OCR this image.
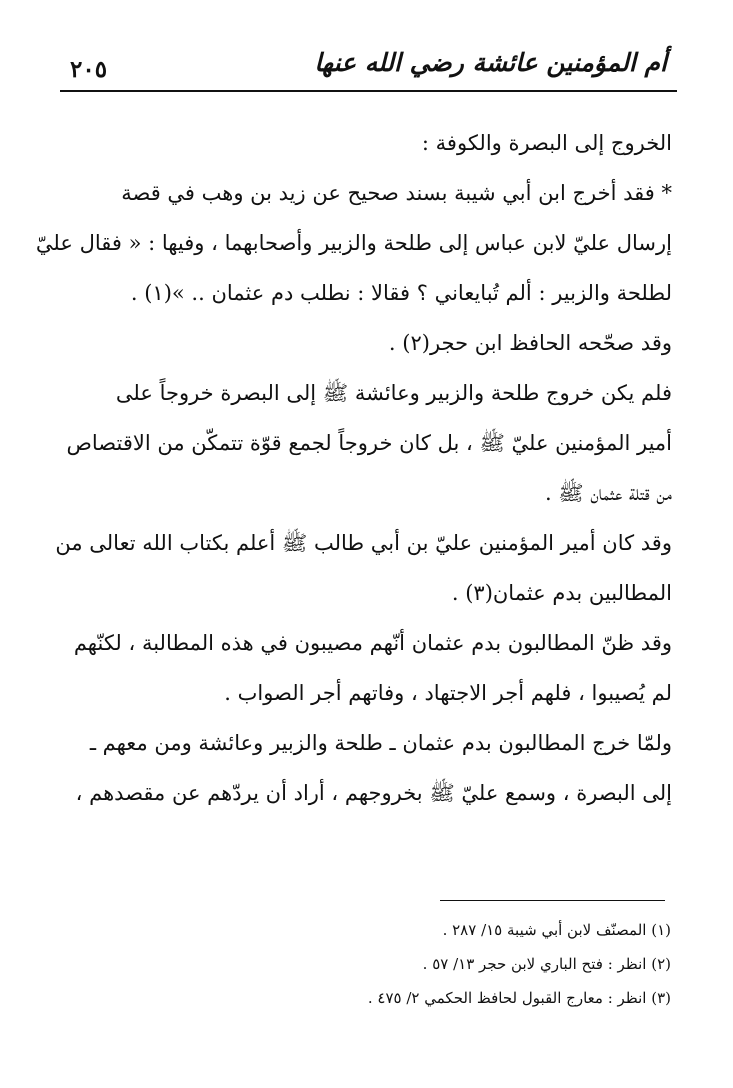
٢٠٥	أم المؤمنين عائشة رضي الله عنها

الخروج إلى البصرة والكوفة :

* فقد أخرج ابن أبي شيبة بسند صحيح عن زيد بن وهب في قصة
إرسال عليّ لابن عباس إلى طلحة والزبير وأصحابهما ، وفيها : « فقال عليّ
لطلحة والزبير : ألم تُبايعاني ؟ فقالا : نطلب دم عثمان .. »(١) .

وقد صحّحه الحافظ ابن حجر(٢) .

فلم يكن خروج طلحة والزبير وعائشة ﷺ إلى البصرة خروجاً على
أمير المؤمنين عليّ ﷺ ، بل كان خروجاً لجمع قوّة تتمكّن من الاقتصاص
من قتلة عثمان ﷺ .

وقد كان أمير المؤمنين عليّ بن أبي طالب ﷺ أعلم بكتاب الله تعالى من
المطالبين بدم عثمان(٣) .

وقد ظنّ المطالبون بدم عثمان أنّهم مصيبون في هذه المطالبة ، لكنّهم
لم يُصيبوا ، فلهم أجر الاجتهاد ، وفاتهم أجر الصواب .

ولمّا خرج المطالبون بدم عثمان ـ طلحة والزبير وعائشة ومن معهم ـ
إلى البصرة ، وسمع عليّ ﷺ بخروجهم ، أراد أن يردّهم عن مقصدهم ،

(١) المصنّف لابن أبي شيبة ١٥/ ٢٨٧ .

(٢) انظر : فتح الباري لابن حجر ١٣/ ٥٧ .

(٣) انظر : معارج القبول لحافظ الحكمي ٢/ ٤٧٥ .
